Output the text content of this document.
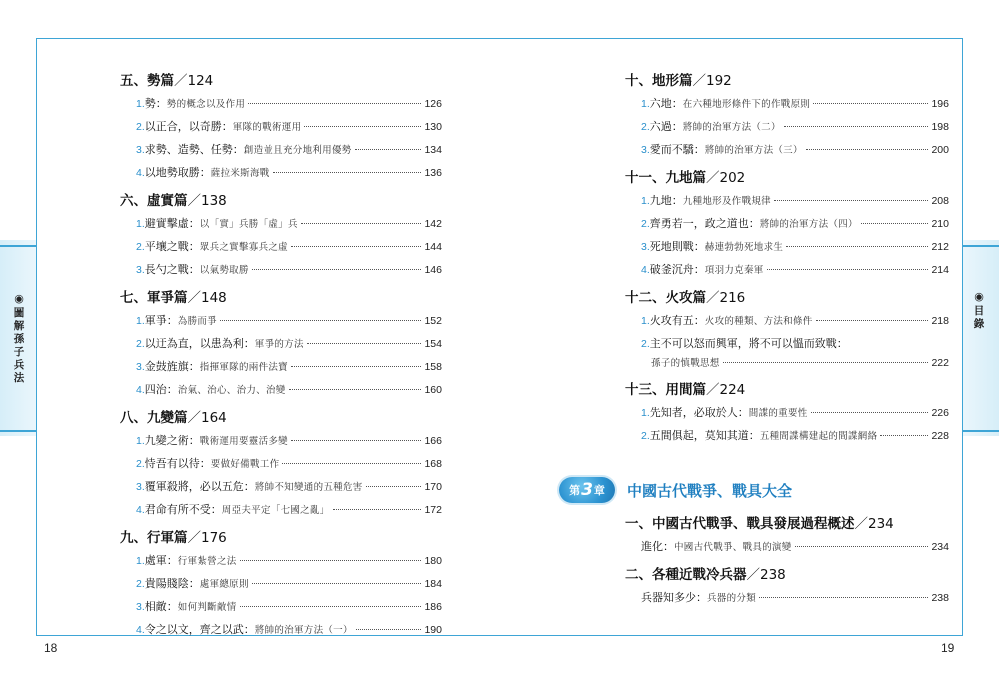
◉
圖解孫子兵法
◉
目錄
18	19
五、勢篇／124
1. 勢： 勢的概念以及作用	126
2. 以正合，以奇勝： 軍隊的戰術運用	130
3. 求勢、造勢、任勢： 創造並且充分地利用優勢	134
4. 以地勢取勝： 薩拉米斯海戰	136
六、虛實篇／138
1. 避實擊虛： 以「實」兵勝「虛」兵	142
2. 平壤之戰： 眾兵之實擊寡兵之虛	144
3. 長勺之戰： 以氣勢取勝	146
七、軍爭篇／148
1. 軍爭： 為勝而爭	152
2. 以迂為直，以患為利： 軍爭的方法	154
3. 金鼓旌旗： 指揮軍隊的兩件法寶	158
4. 四治： 治氣、治心、治力、治變	160
八、九變篇／164
1. 九變之術： 戰術運用要靈活多變	166
2. 恃吾有以待： 要做好備戰工作	168
3. 覆軍殺將，必以五危： 將帥不知變通的五種危害	170
4. 君命有所不受： 周亞夫平定「七國之亂」	172
九、行軍篇／176
1. 處軍： 行軍紮營之法	180
2. 貴陽賤陰： 處軍總原則	184
3. 相敵： 如何判斷敵情	186
4. 令之以文，齊之以武： 將帥的治軍方法（一）	190
十、地形篇／192
1. 六地： 在六種地形條件下的作戰原則	196
2. 六過： 將帥的治軍方法（二）	198
3. 愛而不驕： 將帥的治軍方法（三）	200
十一、九地篇／202
1. 九地： 九種地形及作戰規律	208
2. 齊勇若一，政之道也： 將帥的治軍方法（四）	210
3. 死地則戰： 赫連勃勃死地求生	212
4. 破釜沉舟： 項羽力克秦軍	214
十二、火攻篇／216
1. 火攻有五： 火攻的種類、方法和條件	218
2.主不可以怒而興軍，將不可以慍而致戰：
孫子的慎戰思想	222
十三、用間篇／224
1. 先知者，必取於人： 間諜的重要性	226
2. 五間俱起，莫知其道： 五種間諜構建起的間諜網絡	228
第 3 章 中國古代戰爭、戰具大全
一、中國古代戰爭、戰具發展過程概述／234
進化： 中國古代戰爭、戰具的演變	234
二、各種近戰冷兵器／238
兵器知多少： 兵器的分類	238
